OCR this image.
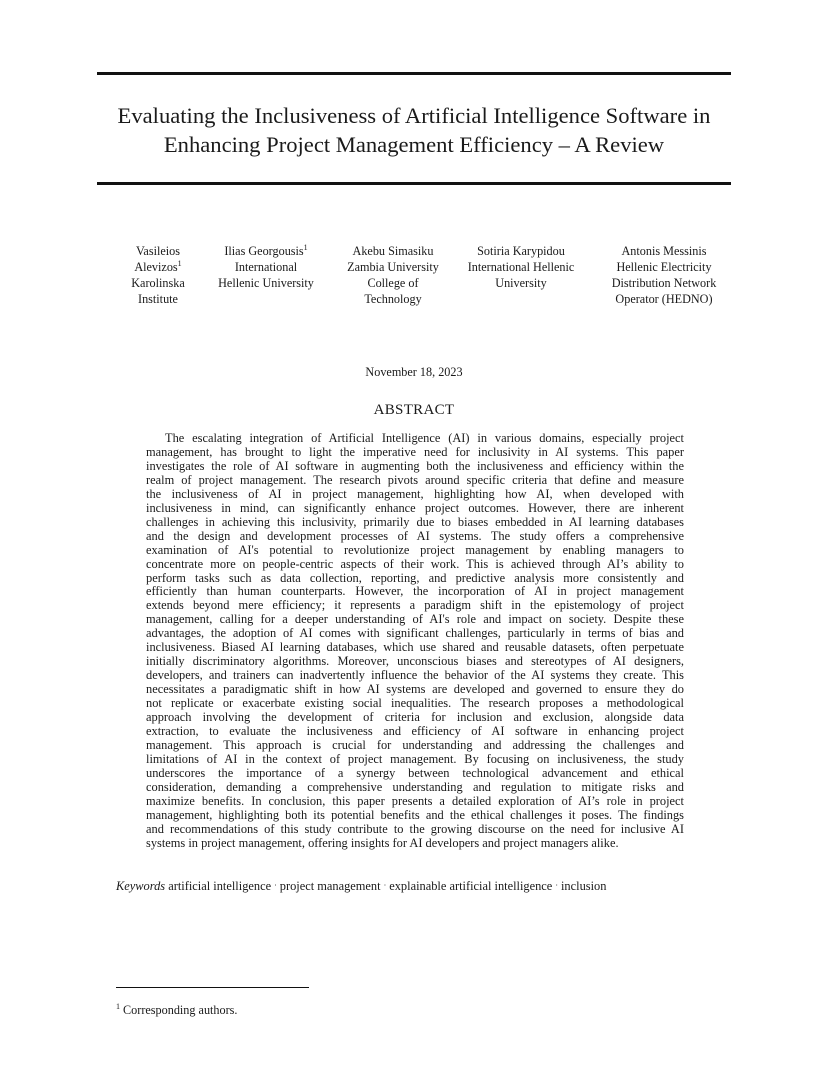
Evaluating the Inclusiveness of Artificial Intelligence Software in Enhancing Project Management Efficiency – A Review
Vasileios Alevizos$^1$ Karolinska Institute
Ilias Georgousis$^1$ International Hellenic University
Akebu Simasiku Zambia University College of Technology
Sotiria Karypidou International Hellenic University
Antonis Messinis Hellenic Electricity Distribution Network Operator (HEDNO)
November 18, 2023
ABSTRACT
The escalating integration of Artificial Intelligence (AI) in various domains, especially project
management, has brought to light the imperative need for inclusivity in AI systems. This paper
investigates the role of AI software in augmenting both the inclusiveness and efficiency within the
realm of project management. The research pivots around specific criteria that define and measure
the inclusiveness of AI in project management, highlighting how AI, when developed with
inclusiveness in mind, can significantly enhance project outcomes. However, there are inherent
challenges in achieving this inclusivity, primarily due to biases embedded in AI learning databases
and the design and development processes of AI systems. The study offers a comprehensive
examination of AI's potential to revolutionize project management by enabling managers to
concentrate more on people-centric aspects of their work. This is achieved through AI’s ability to
perform tasks such as data collection, reporting, and predictive analysis more consistently and
efficiently than human counterparts. However, the incorporation of AI in project management
extends beyond mere efficiency; it represents a paradigm shift in the epistemology of project
management, calling for a deeper understanding of AI's role and impact on society. Despite these
advantages, the adoption of AI comes with significant challenges, particularly in terms of bias and
inclusiveness. Biased AI learning databases, which use shared and reusable datasets, often perpetuate
initially discriminatory algorithms. Moreover, unconscious biases and stereotypes of AI designers,
developers, and trainers can inadvertently influence the behavior of the AI systems they create. This
necessitates a paradigmatic shift in how AI systems are developed and governed to ensure they do
not replicate or exacerbate existing social inequalities. The research proposes a methodological
approach involving the development of criteria for inclusion and exclusion, alongside data
extraction, to evaluate the inclusiveness and efficiency of AI software in enhancing project
management. This approach is crucial for understanding and addressing the challenges and
limitations of AI in the context of project management. By focusing on inclusiveness, the study
underscores the importance of a synergy between technological advancement and ethical
consideration, demanding a comprehensive understanding and regulation to mitigate risks and
maximize benefits. In conclusion, this paper presents a detailed exploration of AI’s role in project
management, highlighting both its potential benefits and the ethical challenges it poses. The findings
and recommendations of this study contribute to the growing discourse on the need for inclusive AI
systems in project management, offering insights for AI developers and project managers alike.
Keywords artificial intelligence · project management · explainable artificial intelligence · inclusion
$^1$ Corresponding authors.
